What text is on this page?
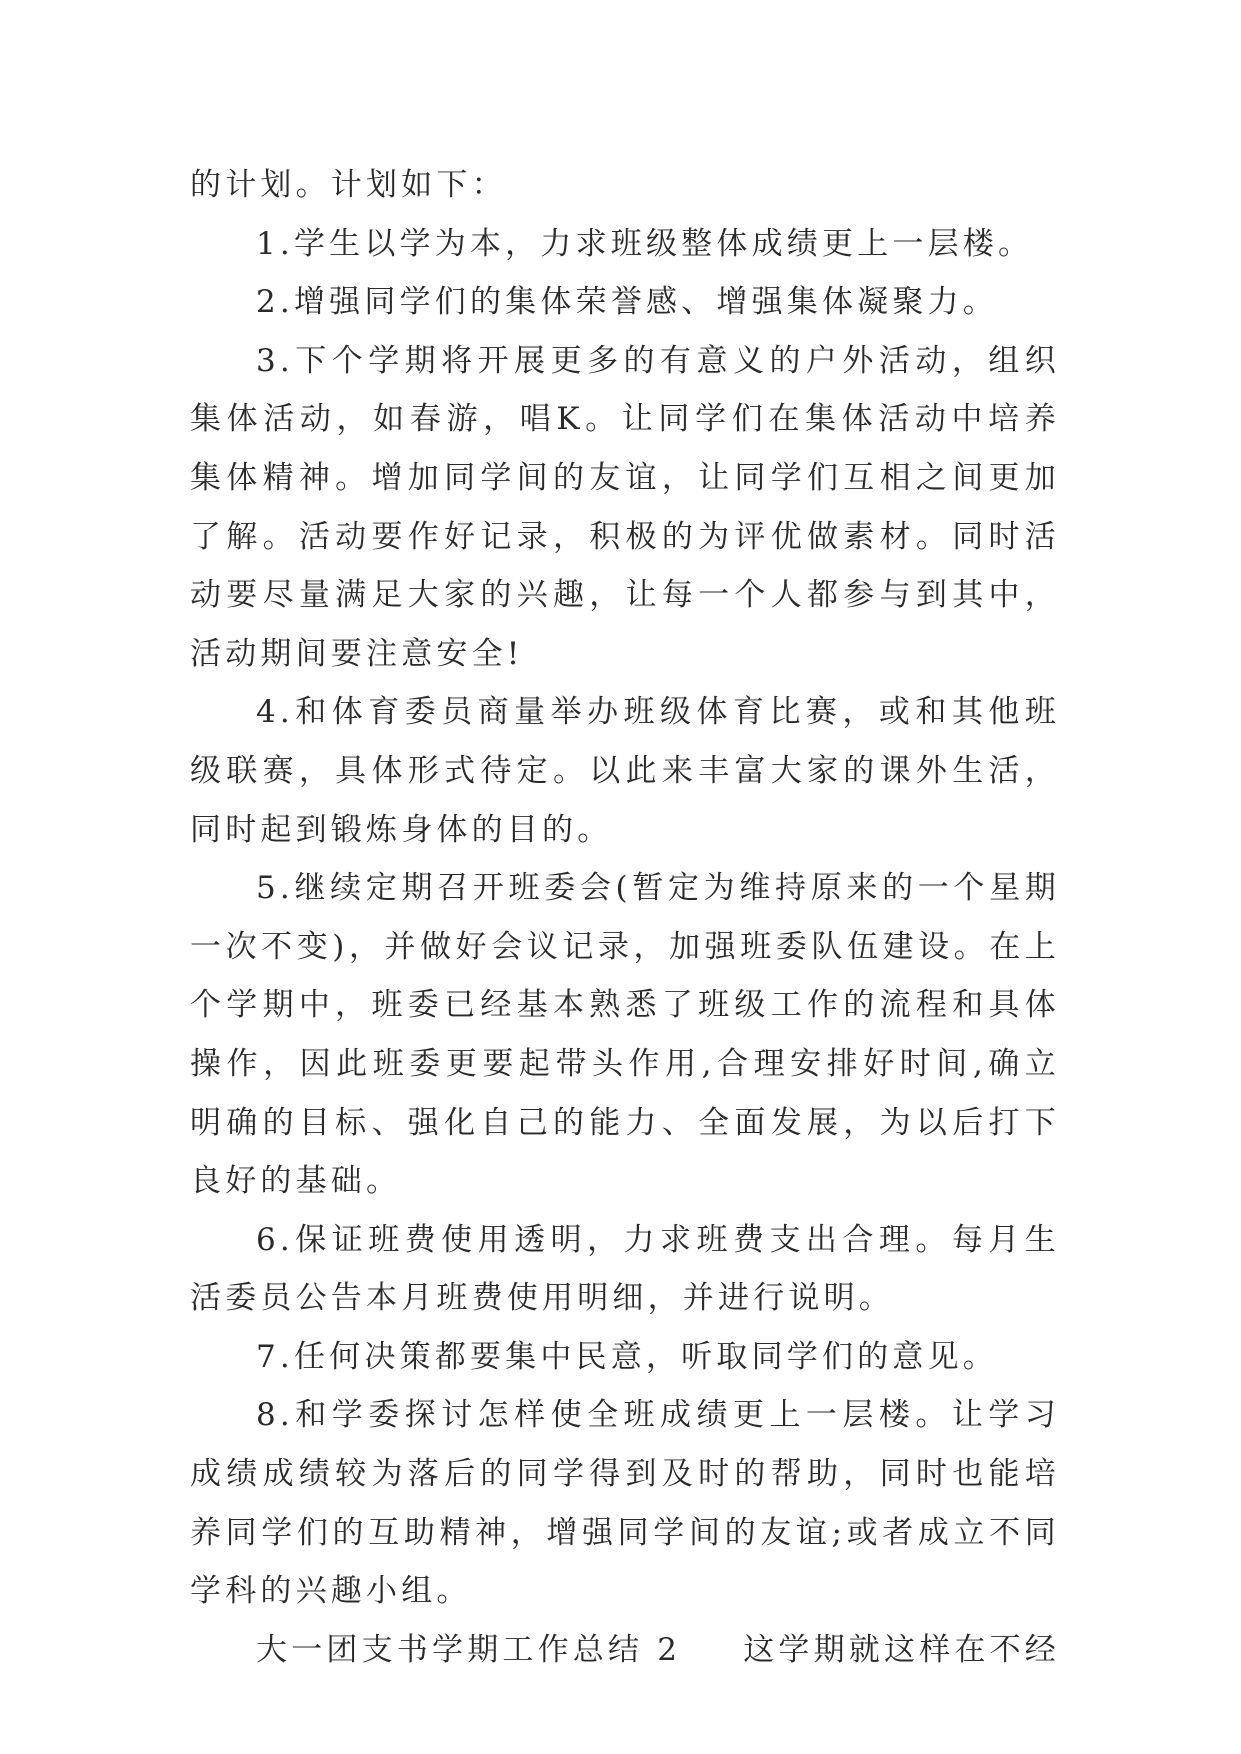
的计划。计划如下：

1.学生以学为本，力求班级整体成绩更上一层楼。

2.增强同学们的集体荣誉感、增强集体凝聚力。

3.下个学期将开展更多的有意义的户外活动，组织集体活动，如春游，唱K。让同学们在集体活动中培养集体精神。增加同学间的友谊，让同学们互相之间更加了解。活动要作好记录，积极的为评优做素材。同时活动要尽量满足大家的兴趣，让每一个人都参与到其中，活动期间要注意安全!

4.和体育委员商量举办班级体育比赛，或和其他班级联赛，具体形式待定。以此来丰富大家的课外生活，同时起到锻炼身体的目的。

5.继续定期召开班委会(暂定为维持原来的一个星期一次不变)，并做好会议记录，加强班委队伍建设。在上个学期中，班委已经基本熟悉了班级工作的流程和具体操作，因此班委更要起带头作用,合理安排好时间,确立明确的目标、强化自己的能力、全面发展，为以后打下良好的基础。

6.保证班费使用透明，力求班费支出合理。每月生活委员公告本月班费使用明细，并进行说明。

7.任何决策都要集中民意，听取同学们的意见。

8.和学委探讨怎样使全班成绩更上一层楼。让学习成绩成绩较为落后的同学得到及时的帮助，同时也能培养同学们的互助精神，增强同学间的友谊;或者成立不同学科的兴趣小组。

大一团支书学期工作总结 2 这学期就这样在不经
